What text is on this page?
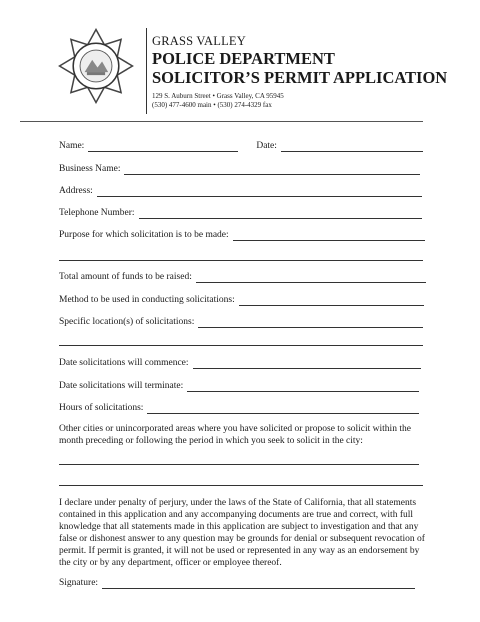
GRASS VALLEY
POLICE DEPARTMENT
SOLICITOR’S PERMIT APPLICATION
129 S. Auburn Street • Grass Valley, CA 95945
(530) 477-4600 main • (530) 274-4329 fax
Name:	Date:
Business Name:
Address:
Telephone Number:
Purpose for which solicitation is to be made:
Total amount of funds to be raised:
Method to be used in conducting solicitations:
Specific location(s) of solicitations:
Date solicitations will commence:
Date solicitations will terminate:
Hours of solicitations:
Other cities or unincorporated areas where you have solicited or propose to solicit within the month preceding or following the period in which you seek to solicit in the city:
I declare under penalty of perjury, under the laws of the State of California, that all statements contained in this application and any accompanying documents are true and correct, with full knowledge that all statements made in this application are subject to investigation and that any false or dishonest answer to any question may be grounds for denial or subsequent revocation of permit. If permit is granted, it will not be used or represented in any way as an endorsement by the city or by any department, officer or employee thereof.
Signature:
